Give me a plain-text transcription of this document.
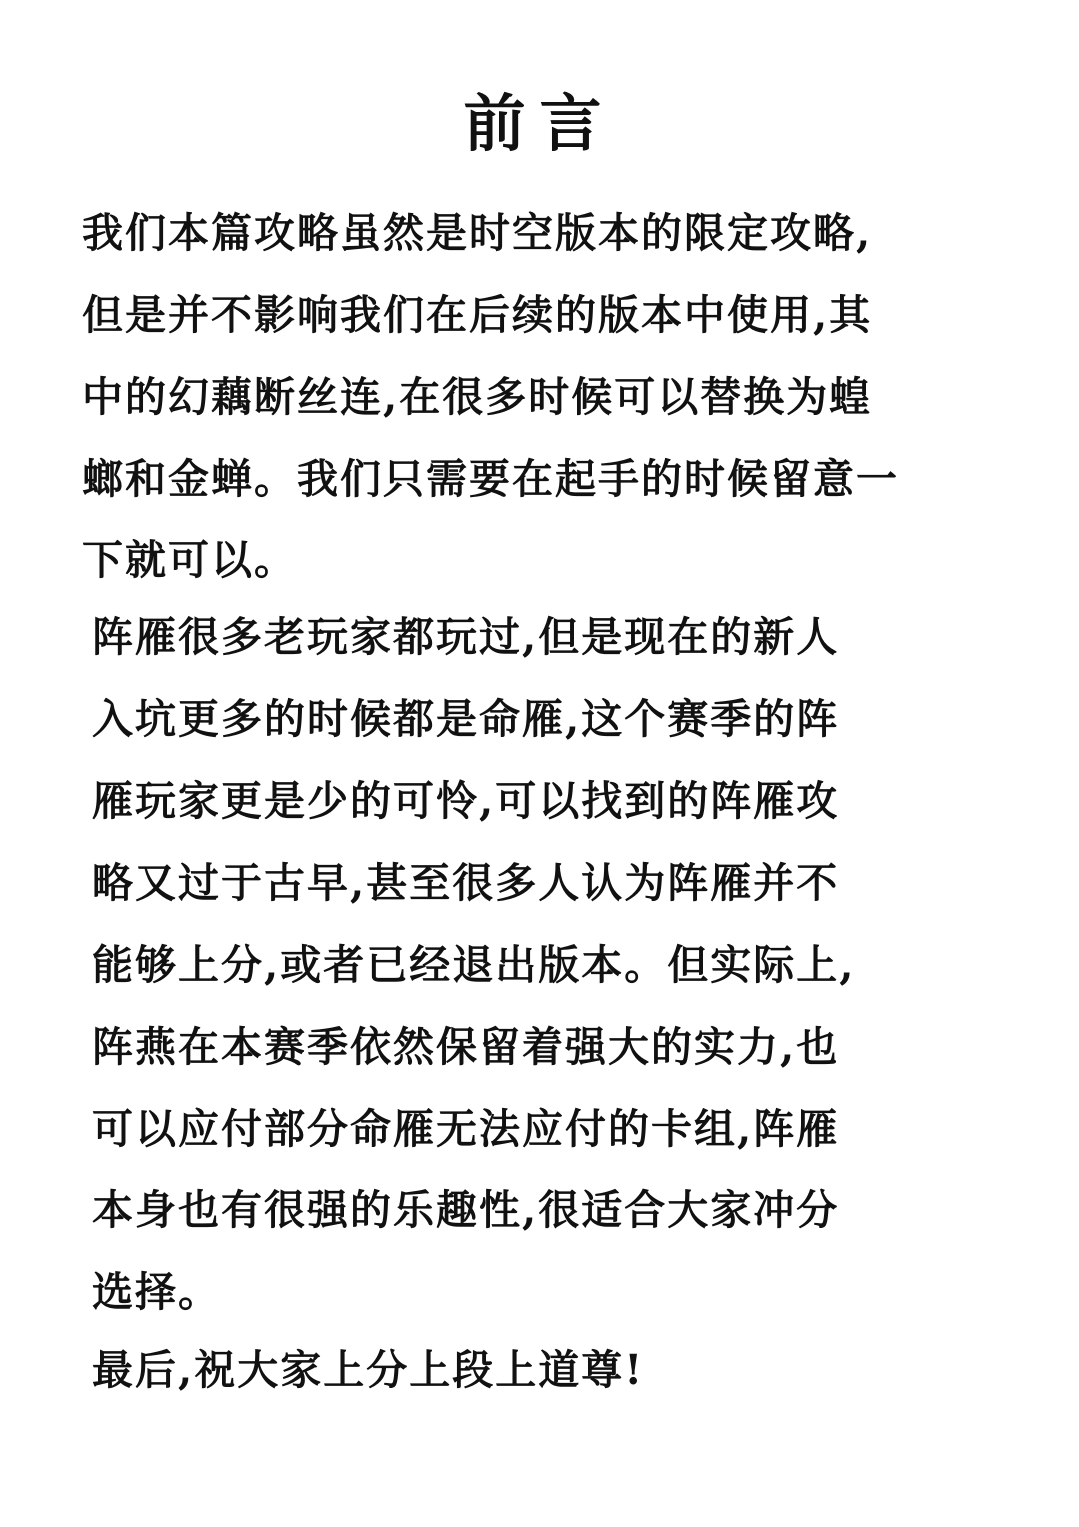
前言
我们本篇攻略虽然是时空版本的限定攻略,
但是并不影响我们在后续的版本中使用,其
中的幻藕断丝连,在很多时候可以替换为蝗
螂和金蝉。我们只需要在起手的时候留意一
下就可以。
阵雁很多老玩家都玩过,但是现在的新人
入坑更多的时候都是命雁,这个赛季的阵
雁玩家更是少的可怜,可以找到的阵雁攻
略又过于古早,甚至很多人认为阵雁并不
能够上分,或者已经退出版本。但实际上,
阵燕在本赛季依然保留着强大的实力,也
可以应付部分命雁无法应付的卡组,阵雁
本身也有很强的乐趣性,很适合大家冲分
选择。
最后,祝大家上分上段上道尊!
